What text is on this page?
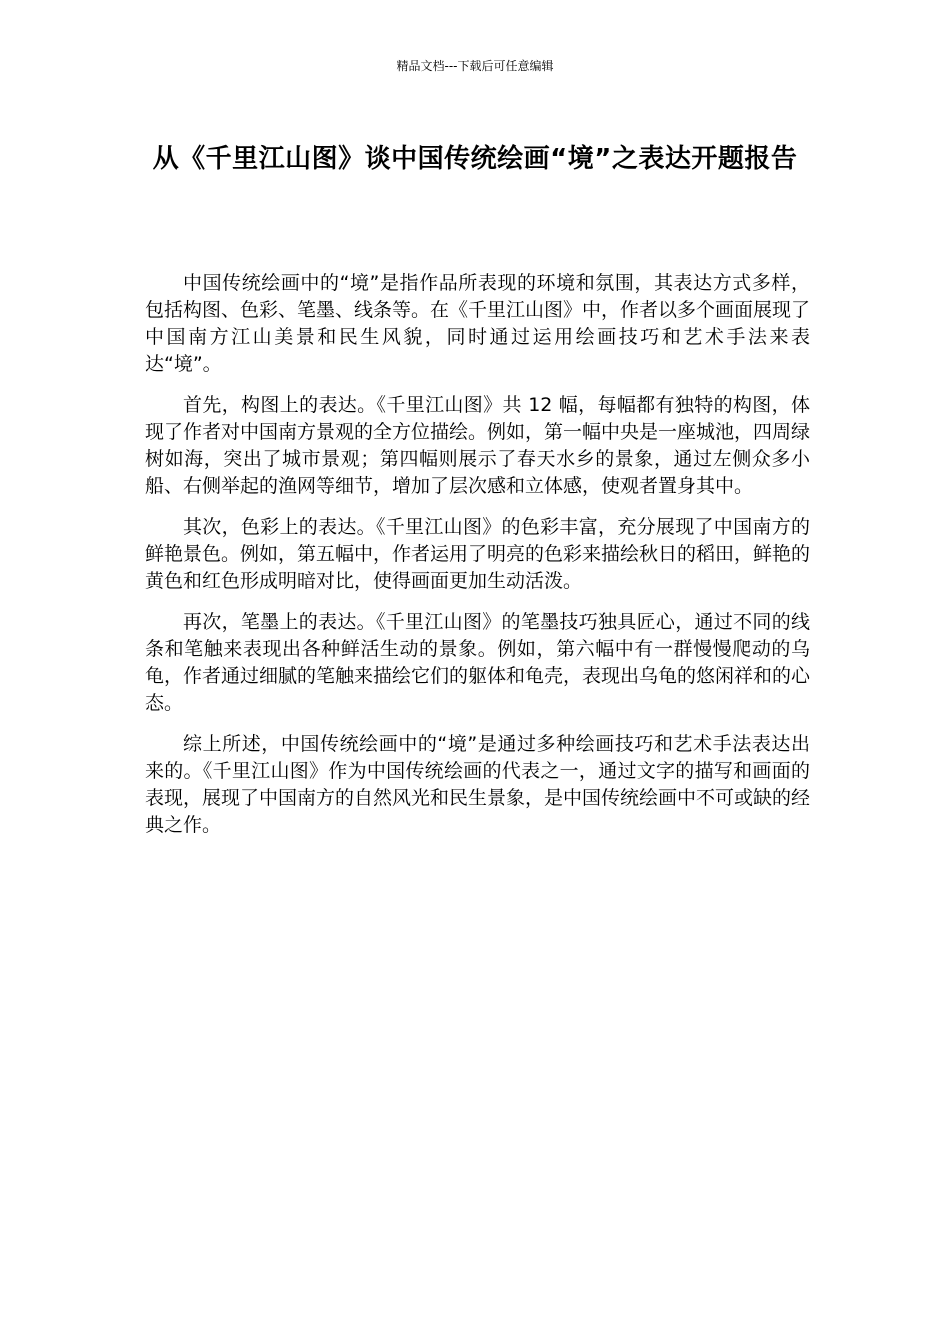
精品文档---下载后可任意编辑
从《千里江山图》谈中国传统绘画“境”之表达开题报告

中国传统绘画中的“境”是指作品所表现的环境和氛围，其表达方式多样，包括构图、色彩、笔墨、线条等。在《千里江山图》中，作者以多个画面展现了中国南方江山美景和民生风貌，同时通过运用绘画技巧和艺术手法来表达“境”。

首先，构图上的表达。《千里江山图》共 12 幅，每幅都有独特的构图，体现了作者对中国南方景观的全方位描绘。例如，第一幅中央是一座城池，四周绿树如海，突出了城市景观；第四幅则展示了春天水乡的景象，通过左侧众多小船、右侧举起的渔网等细节，增加了层次感和立体感，使观者置身其中。

其次，色彩上的表达。《千里江山图》的色彩丰富，充分展现了中国南方的鲜艳景色。例如，第五幅中，作者运用了明亮的色彩来描绘秋日的稻田，鲜艳的黄色和红色形成明暗对比，使得画面更加生动活泼。

再次，笔墨上的表达。《千里江山图》的笔墨技巧独具匠心，通过不同的线条和笔触来表现出各种鲜活生动的景象。例如，第六幅中有一群慢慢爬动的乌龟，作者通过细腻的笔触来描绘它们的躯体和龟壳，表现出乌龟的悠闲祥和的心态。

综上所述，中国传统绘画中的“境”是通过多种绘画技巧和艺术手法表达出来的。《千里江山图》作为中国传统绘画的代表之一，通过文字的描写和画面的表现，展现了中国南方的自然风光和民生景象，是中国传统绘画中不可或缺的经典之作。
